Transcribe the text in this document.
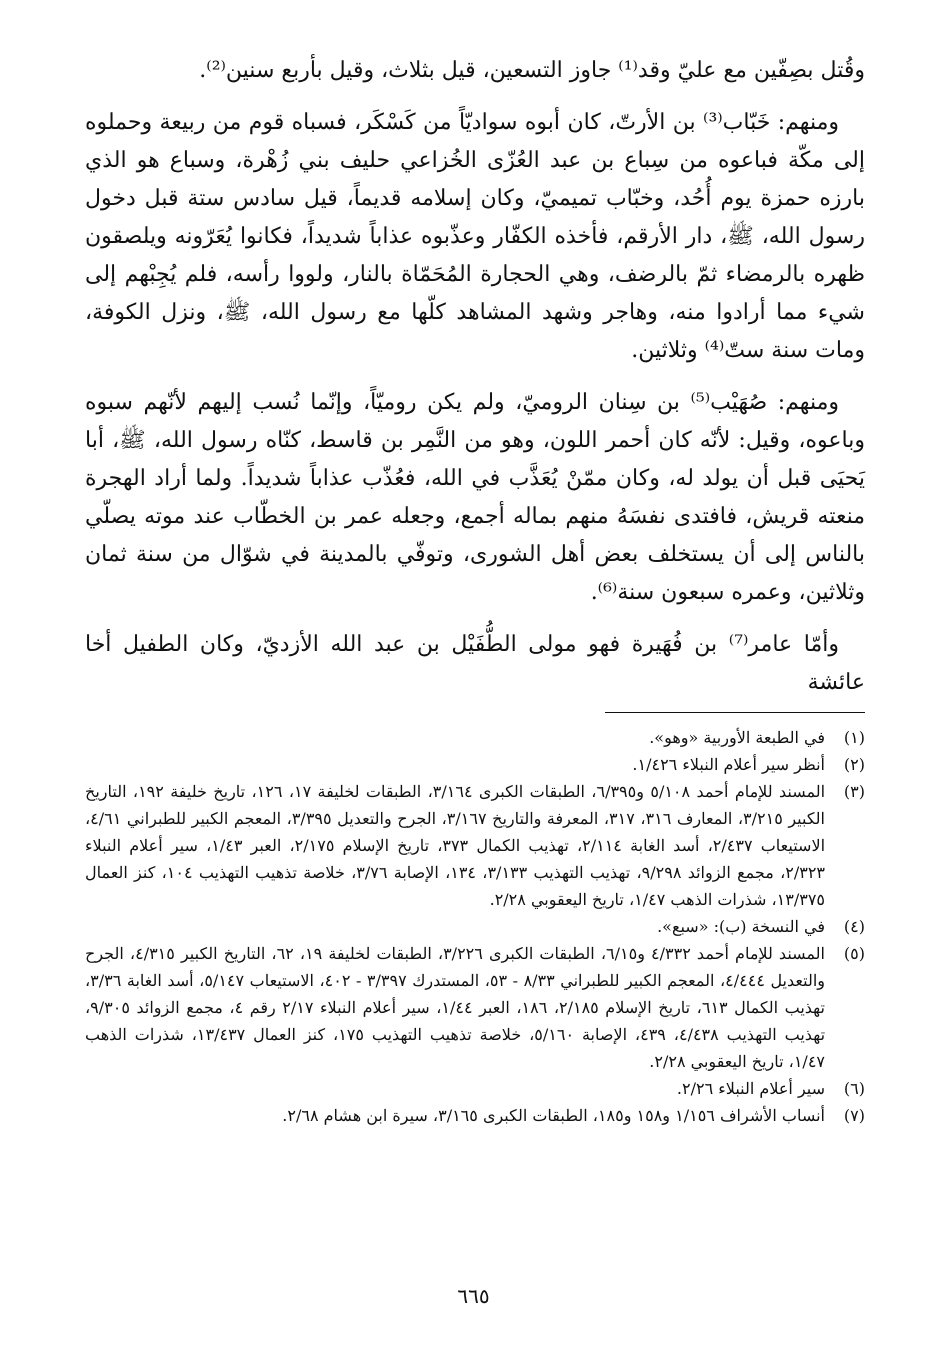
وقُتل بصِفّين مع عليّ وقد⁽¹⁾ جاوز التسعين، قيل بثلاث، وقيل بأربع سنين⁽²⁾.

ومنهم: خَبّاب⁽³⁾ بن الأرتّ، كان أبوه سواديّاً من كَسْكَر، فسباه قوم من ربيعة وحملوه إلى مكّة فباعوه من سِباع بن عبد العُزّى الخُزاعي حليف بني زُهْرة، وسباع هو الذي بارزه حمزة يوم أُحُد، وخبّاب تميميّ، وكان إسلامه قديماً، قيل سادس ستة قبل دخول رسول الله، ﷺ، دار الأرقم، فأخذه الكفّار وعذّبوه عذاباً شديداً، فكانوا يُعَرّونه ويلصقون ظهره بالرمضاء ثمّ بالرضف، وهي الحجارة المُحَمّاة بالنار، ولووا رأسه، فلم يُجِبْهم إلى شيء مما أرادوا منه، وهاجر وشهد المشاهد كلّها مع رسول الله، ﷺ، ونزل الكوفة، ومات سنة ستّ⁽⁴⁾ وثلاثين.

ومنهم: صُهَيْب⁽⁵⁾ بن سِنان الروميّ، ولم يكن روميّاً، وإنّما نُسب إليهم لأنّهم سبوه وباعوه، وقيل: لأنّه كان أحمر اللون، وهو من النَّمِر بن قاسط، كنّاه رسول الله، ﷺ، أبا يَحيَى قبل أن يولد له، وكان ممّنْ يُعَذَّب في الله، فعُذّب عذاباً شديداً. ولما أراد الهجرة منعته قريش، فافتدى نفسَهُ منهم بماله أجمع، وجعله عمر بن الخطّاب عند موته يصلّي بالناس إلى أن يستخلف بعض أهل الشورى، وتوفّي بالمدينة في شوّال من سنة ثمان وثلاثين، وعمره سبعون سنة⁽⁶⁾.

وأمّا عامر⁽⁷⁾ بن فُهَيرة فهو مولى الطُّفَيْل بن عبد الله الأزديّ، وكان الطفيل أخا عائشة

(١)
في الطبعة الأوربية «وهو».
(٢)
أنظر سير أعلام النبلاء ١/٤٢٦.
(٣)
المسند للإمام أحمد ٥/١٠٨ و٦/٣٩٥، الطبقات الكبرى ٣/١٦٤، الطبقات لخليفة ١٧، ١٢٦، تاريخ خليفة ١٩٢، التاريخ الكبير ٣/٢١٥، المعارف ٣١٦، ٣١٧، المعرفة والتاريخ ٣/١٦٧، الجرح والتعديل ٣/٣٩٥، المعجم الكبير للطبراني ٤/٦١، الاستيعاب ٢/٤٣٧، أسد الغابة ٢/١١٤، تهذيب الكمال ٣٧٣، تاريخ الإسلام ٢/١٧٥، العبر ١/٤٣، سير أعلام النبلاء ٢/٣٢٣، مجمع الزوائد ٩/٢٩٨، تهذيب التهذيب ٣/١٣٣، ١٣٤، الإصابة ٣/٧٦، خلاصة تذهيب التهذيب ١٠٤، كنز العمال ١٣/٣٧٥، شذرات الذهب ١/٤٧، تاريخ اليعقوبي ٢/٢٨.
(٤)
في النسخة (ب): «سبع».
(٥)
المسند للإمام أحمد ٤/٣٣٢ و٦/١٥، الطبقات الكبرى ٣/٢٢٦، الطبقات لخليفة ١٩، ٦٢، التاريخ الكبير ٤/٣١٥، الجرح والتعديل ٤/٤٤٤، المعجم الكبير للطبراني ٨/٣٣ - ٥٣، المستدرك ٣/٣٩٧ - ٤٠٢، الاستيعاب ٥/١٤٧، أسد الغابة ٣/٣٦، تهذيب الكمال ٦١٣، تاريخ الإسلام ٢/١٨٥، ١٨٦، العبر ١/٤٤، سير أعلام النبلاء ٢/١٧ رقم ٤، مجمع الزوائد ٩/٣٠٥، تهذيب التهذيب ٤/٤٣٨، ٤٣٩، الإصابة ٥/١٦٠، خلاصة تذهيب التهذيب ١٧٥، كنز العمال ١٣/٤٣٧، شذرات الذهب ١/٤٧، تاريخ اليعقوبي ٢/٢٨.
(٦)
سير أعلام النبلاء ٢/٢٦.
(٧)
أنساب الأشراف ١/١٥٦ و١٥٨ و١٨٥، الطبقات الكبرى ٣/١٦٥، سيرة ابن هشام ٢/٦٨.
٦٦٥
